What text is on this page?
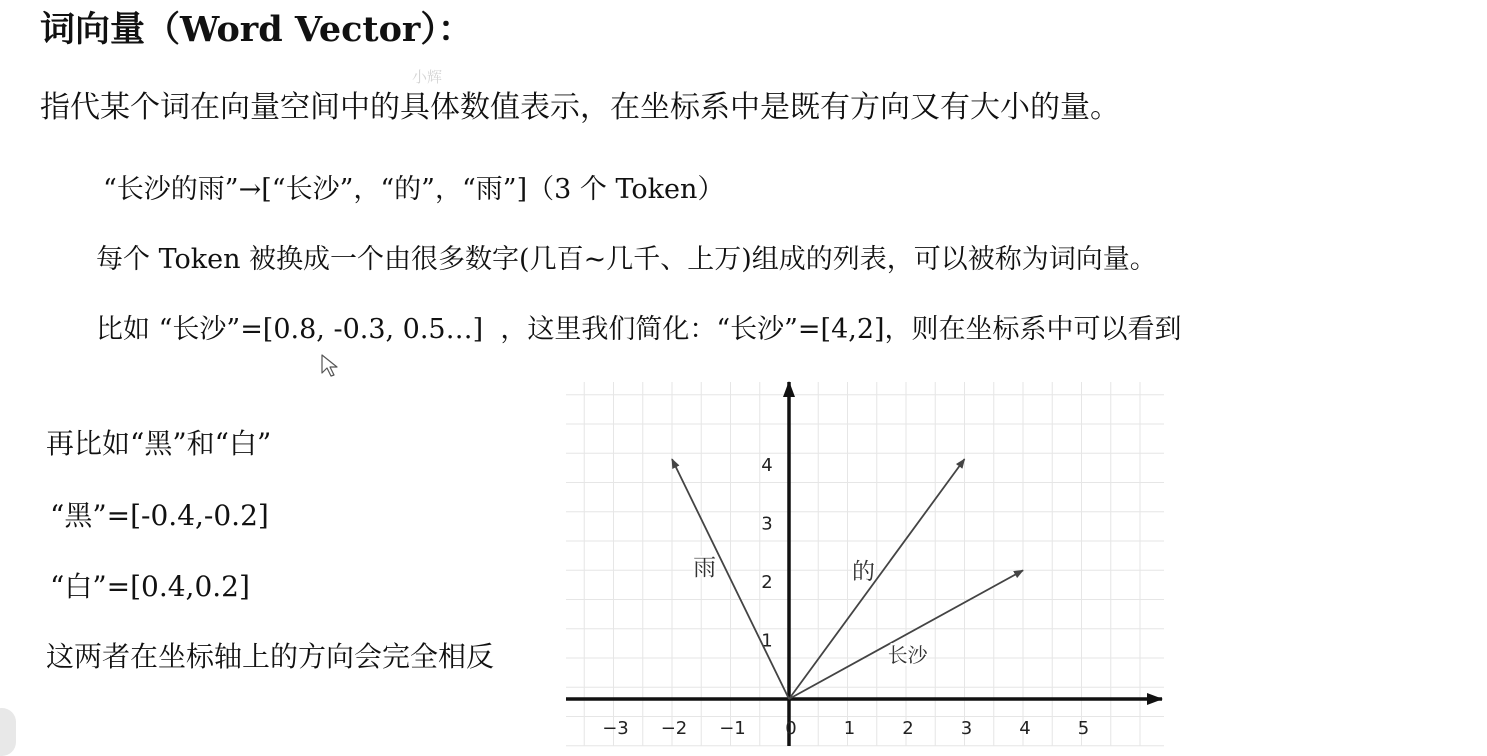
词向量（Word Vector）：
小辉
指代某个词在向量空间中的具体数值表示，在坐标系中是既有方向又有大小的量。
“长沙的雨”→[“长沙”，“的”，“雨”]（3 个 Token）
每个 Token 被换成一个由很多数字(几百~几千、上万)组成的列表，可以被称为词向量。
比如 “长沙”=[0.8, -0.3, 0.5…]  ，这里我们简化：“长沙”=[4,2]，则在坐标系中可以看到
再比如“黑”和“白”
“黑”=[-0.4,-0.2]
“白”=[0.4,0.2]
这两者在坐标轴上的方向会完全相反
−3 −2 −1 0	1	2	3	4	5
1
2
3
4
长沙
的
雨
